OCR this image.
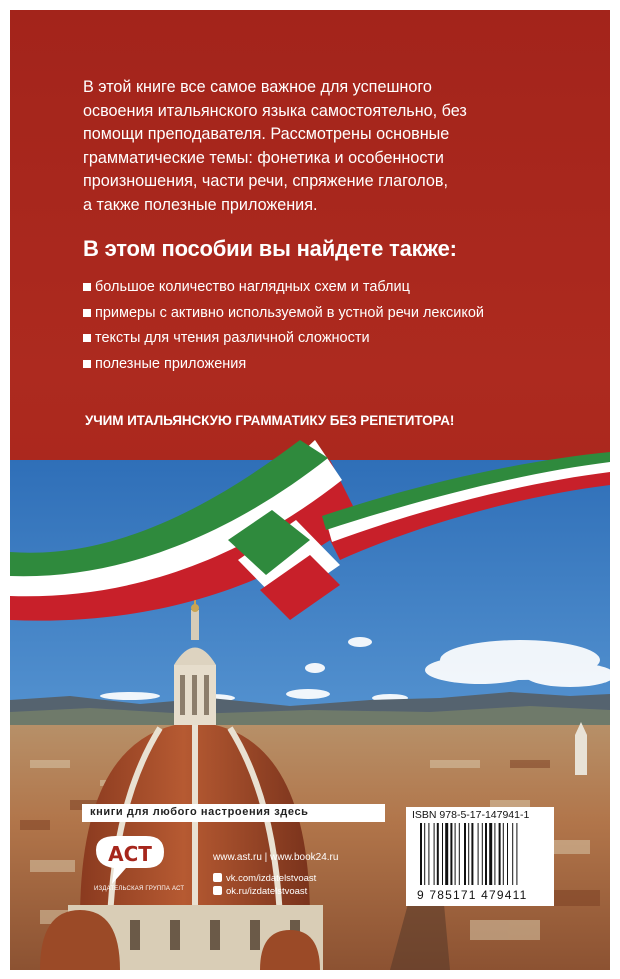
В этой книге все самое важное для успешного
освоения итальянского языка самостоятельно, без
помощи преподавателя. Рассмотрены основные
грамматические темы: фонетика и особенности
произношения, части речи, спряжение глаголов,
а также полезные приложения.

В этом пособии вы найдете также:
большое количество наглядных схем и таблиц
примеры с активно используемой в устной речи лексикой
тексты для чтения различной сложности
полезные приложения
УЧИМ ИТАЛЬЯНСКУЮ ГРАММАТИКУ БЕЗ РЕПЕТИТОРА!
книги для любого настроения здесь
АСТ
ИЗДАТЕЛЬСКАЯ ГРУППА АСТ
www.ast.ru | www.book24.ru
vk.com/izdatelstvoast
ok.ru/izdatelstvoast
ISBN 978-5-17-147941-1
9 785171 479411
